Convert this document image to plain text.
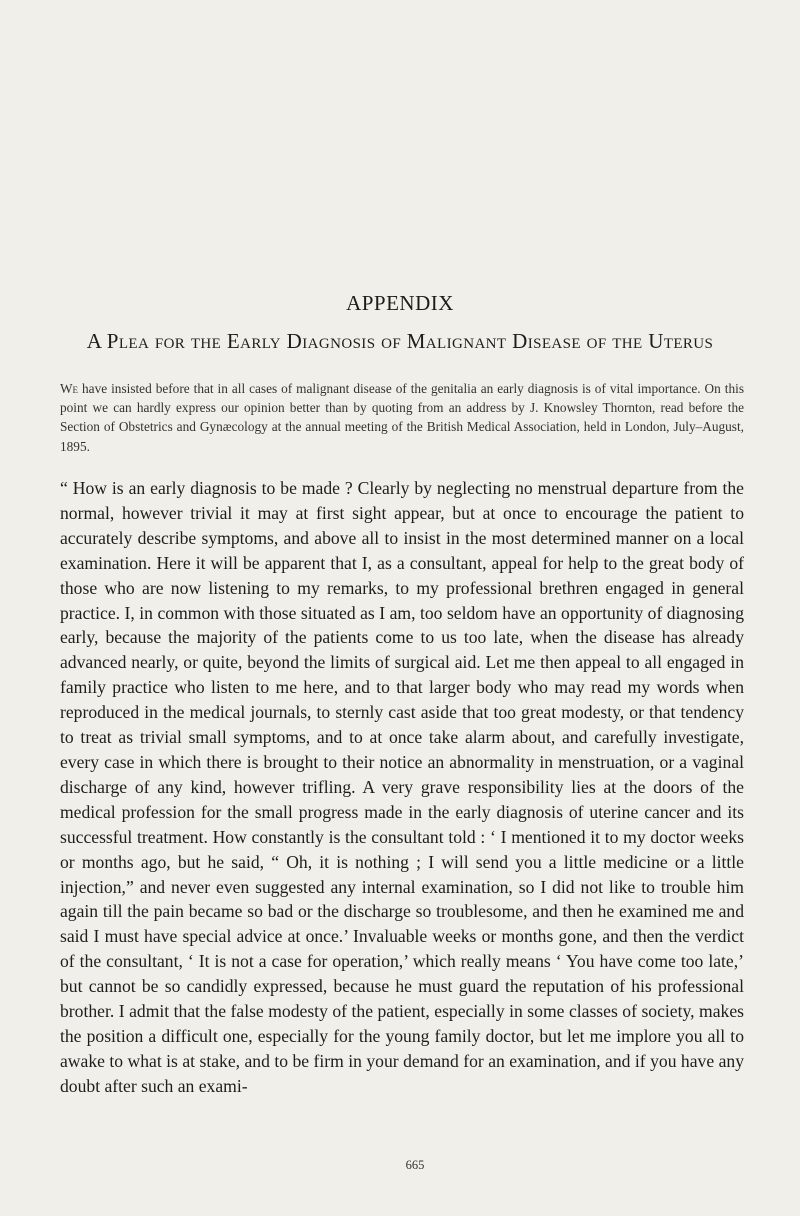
APPENDIX
A Plea for the Early Diagnosis of Malignant Disease of the Uterus
We have insisted before that in all cases of malignant disease of the genitalia an early diagnosis is of vital importance. On this point we can hardly express our opinion better than by quoting from an address by J. Knowsley Thornton, read before the Section of Obstetrics and Gynæcology at the annual meeting of the British Medical Association, held in London, July–August, 1895.
“ How is an early diagnosis to be made ? Clearly by neglecting no menstrual departure from the normal, however trivial it may at first sight appear, but at once to encourage the patient to accurately describe symptoms, and above all to insist in the most determined manner on a local examination. Here it will be apparent that I, as a consultant, appeal for help to the great body of those who are now listening to my remarks, to my professional brethren engaged in general practice. I, in common with those situated as I am, too seldom have an opportunity of diagnosing early, because the majority of the patients come to us too late, when the disease has already advanced nearly, or quite, beyond the limits of surgical aid. Let me then appeal to all engaged in family practice who listen to me here, and to that larger body who may read my words when reproduced in the medical journals, to sternly cast aside that too great modesty, or that tendency to treat as trivial small symptoms, and to at once take alarm about, and carefully investigate, every case in which there is brought to their notice an abnormality in menstruation, or a vaginal discharge of any kind, however trifling. A very grave responsibility lies at the doors of the medical profession for the small progress made in the early diagnosis of uterine cancer and its successful treatment. How constantly is the consultant told : ‘ I mentioned it to my doctor weeks or months ago, but he said, “ Oh, it is nothing ; I will send you a little medicine or a little injection,” and never even suggested any internal examination, so I did not like to trouble him again till the pain became so bad or the discharge so troublesome, and then he examined me and said I must have special advice at once.’ Invaluable weeks or months gone, and then the verdict of the consultant, ‘ It is not a case for operation,’ which really means ‘ You have come too late,’ but cannot be so candidly expressed, because he must guard the reputation of his professional brother. I admit that the false modesty of the patient, especially in some classes of society, makes the position a difficult one, especially for the young family doctor, but let me implore you all to awake to what is at stake, and to be firm in your demand for an examination, and if you have any doubt after such an exami-
665
